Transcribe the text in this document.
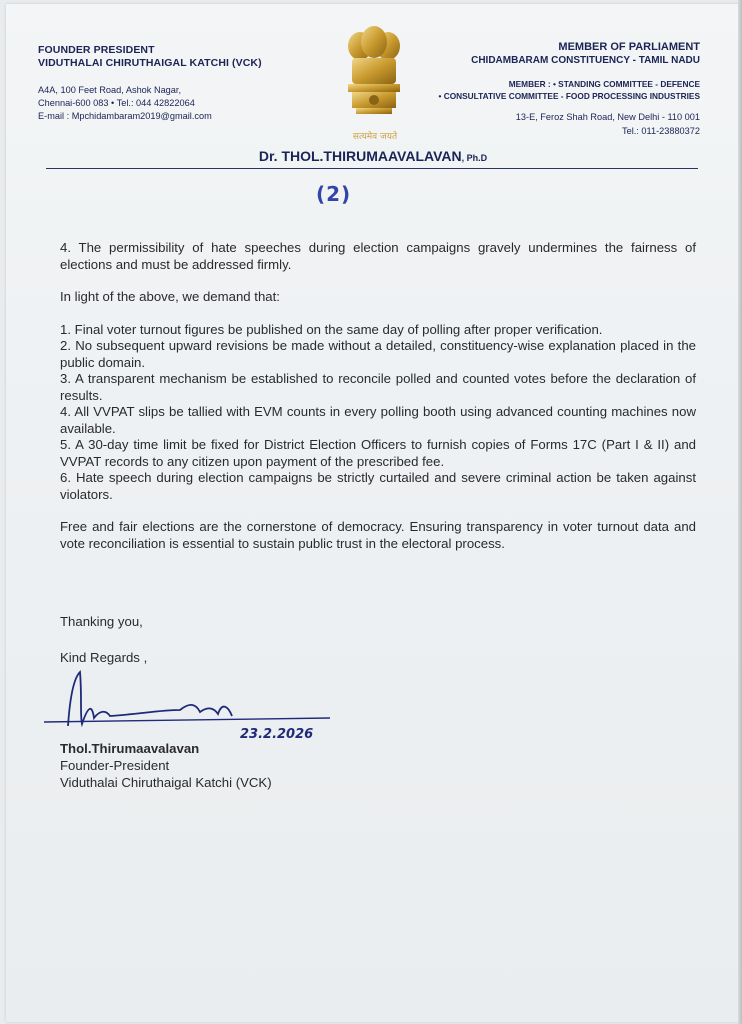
FOUNDER PRESIDENT
VIDUTHALAI CHIRUTHAIGAL KATCHI (VCK)
A4A, 100 Feet Road, Ashok Nagar,
Chennai-600 083 • Tel.: 044 42822064
E-mail : Mpchidambaram2019@gmail.com
सत्यमेव जयते
MEMBER OF PARLIAMENT
CHIDAMBARAM CONSTITUENCY - TAMIL NADU
MEMBER : • STANDING COMMITTEE - DEFENCE
• CONSULTATIVE COMMITTEE - FOOD PROCESSING INDUSTRIES
13-E, Feroz Shah Road, New Delhi - 110 001
Tel.: 011-23880372
Dr. THOL.THIRUMAAVALAVAN, Ph.D
(2)

4. The permissibility of hate speeches during election campaigns gravely undermines the fairness of elections and must be addressed firmly.

In light of the above, we demand that:

1. Final voter turnout figures be published on the same day of polling after proper verification.

2. No subsequent upward revisions be made without a detailed, constituency-wise explanation placed in the public domain.

3. A transparent mechanism be established to reconcile polled and counted votes before the declaration of results.

4. All VVPAT slips be tallied with EVM counts in every polling booth using advanced counting machines now available.

5. A 30-day time limit be fixed for District Election Officers to furnish copies of Forms 17C (Part I & II) and VVPAT records to any citizen upon payment of the prescribed fee.

6. Hate speech during election campaigns be strictly curtailed and severe criminal action be taken against violators.

Free and fair elections are the cornerstone of democracy. Ensuring transparency in voter turnout data and vote reconciliation is essential to sustain public trust in the electoral process.

Thanking you,
Kind Regards ,
23.2.2026
Thol.Thirumaavalavan
Founder-President
Viduthalai Chiruthaigal Katchi (VCK)
